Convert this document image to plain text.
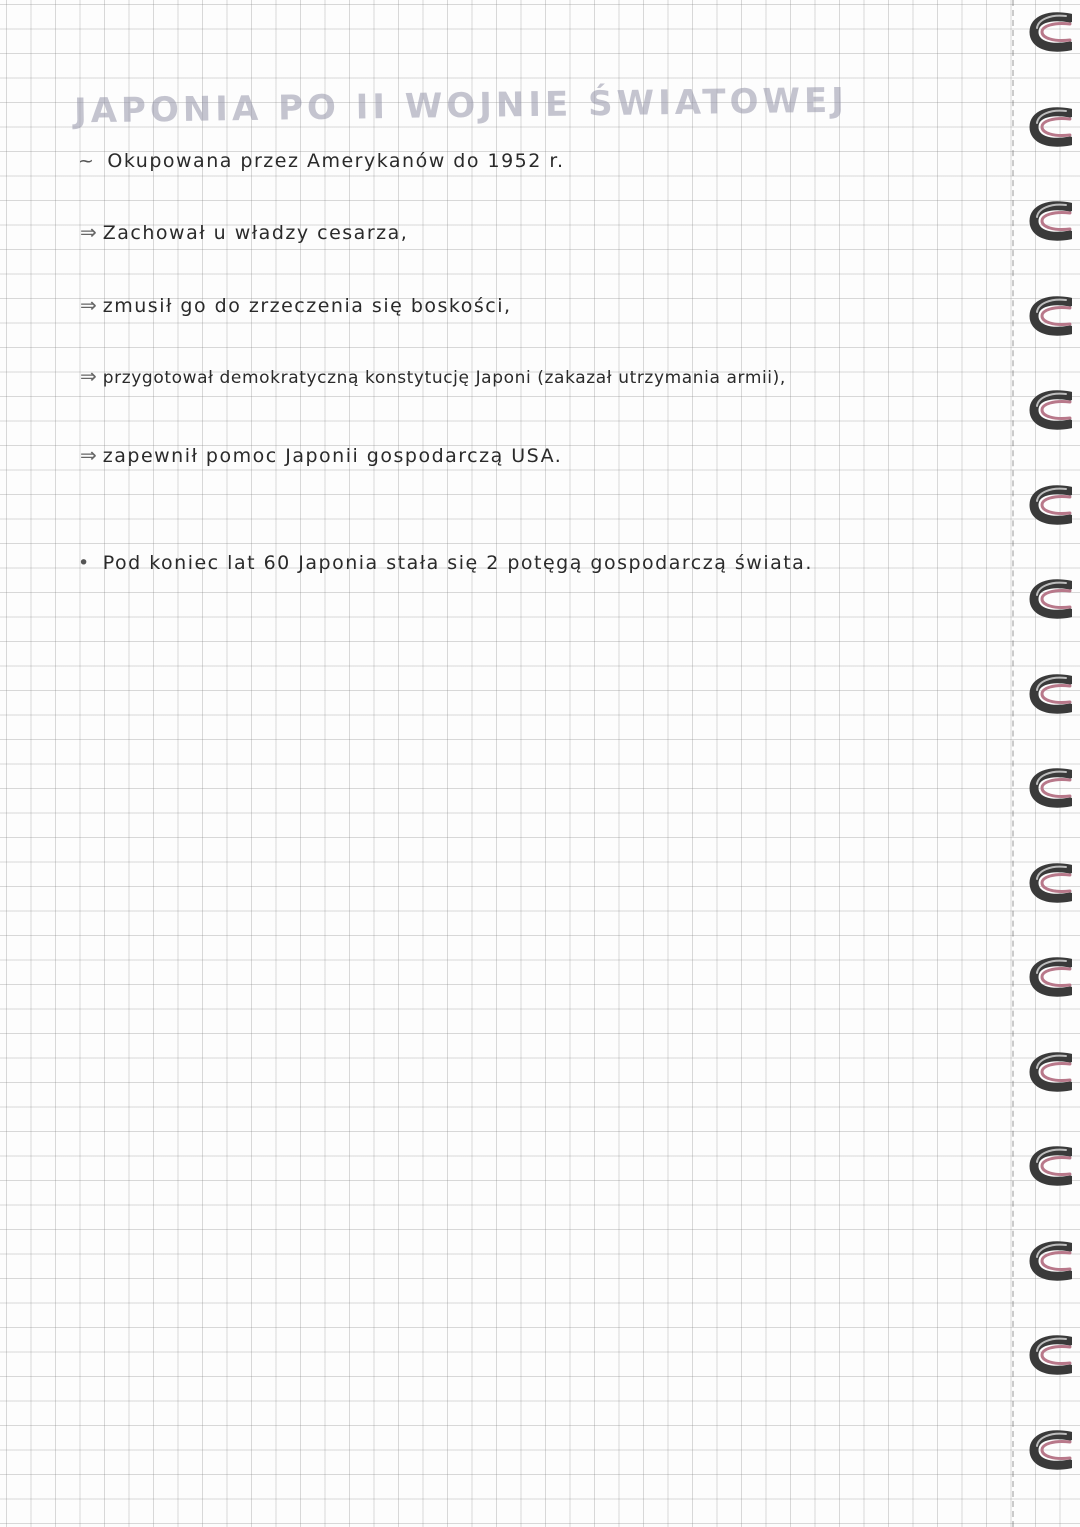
JAPONIA PO II WOJNIE ŚWIATOWEJ
~ Okupowana przez Amerykanów do 1952 r.
⇒ Zachował u władzy cesarza,
⇒ zmusił go do zrzeczenia się boskości,
⇒ przygotował demokratyczną konstytucję Japoni (zakazał utrzymania armii),
⇒ zapewnił pomoc Japonii gospodarczą USA.
• Pod koniec lat 60 Japonia stała się 2 potęgą gospodarczą świata.
